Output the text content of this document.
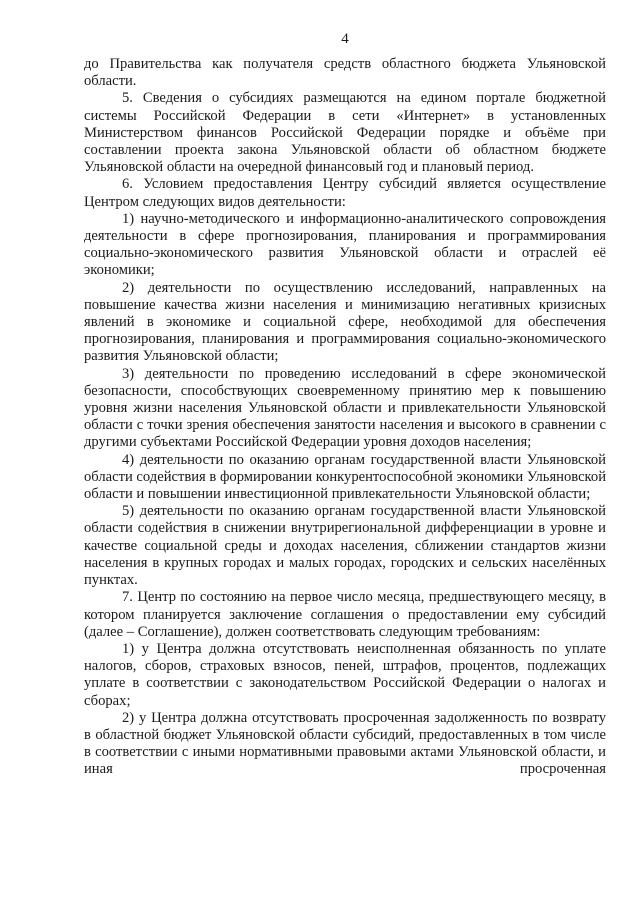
4

до Правительства как получателя средств областного бюджета Ульяновской области.

5. Сведения о субсидиях размещаются на едином портале бюджетной системы Российской Федерации в сети «Интернет» в установленных Министерством финансов Российской Федерации порядке и объёме при составлении проекта закона Ульяновской области об областном бюджете Ульяновской области на очередной финансовый год и плановый период.

6. Условием предоставления Центру субсидий является осуществление Центром следующих видов деятельности:

1) научно-методического и информационно-аналитического сопровождения деятельности в сфере прогнозирования, планирования и программирования социально-экономического развития Ульяновской области и отраслей её экономики;

2) деятельности по осуществлению исследований, направленных на повышение качества жизни населения и минимизацию негативных кризисных явлений в экономике и социальной сфере, необходимой для обеспечения прогнозирования, планирования и программирования социально-экономического развития Ульяновской области;

3) деятельности по проведению исследований в сфере экономической безопасности, способствующих своевременному принятию мер к повышению уровня жизни населения Ульяновской области и привлекательности Ульяновской области с точки зрения обеспечения занятости населения и высокого в сравнении с другими субъектами Российской Федерации уровня доходов населения;

4) деятельности по оказанию органам государственной власти Ульяновской области содействия в формировании конкурентоспособной экономики Ульяновской области и повышении инвестиционной привлекательности Ульяновской области;

5) деятельности по оказанию органам государственной власти Ульяновской области содействия в снижении внутрирегиональной дифференциации в уровне и качестве социальной среды и доходах населения, сближении стандартов жизни населения в крупных городах и малых городах, городских и сельских населённых пунктах.

7. Центр по состоянию на первое число месяца, предшествующего месяцу, в котором планируется заключение соглашения о предоставлении ему субсидий (далее – Соглашение), должен соответствовать следующим требованиям:

1) у Центра должна отсутствовать неисполненная обязанность по уплате налогов, сборов, страховых взносов, пеней, штрафов, процентов, подлежащих уплате в соответствии с законодательством Российской Федерации о налогах и сборах;

2) у Центра должна отсутствовать просроченная задолженность по возврату в областной бюджет Ульяновской области субсидий, предоставленных в том числе в соответствии с иными нормативными правовыми актами Ульяновской области, и иная просроченная
